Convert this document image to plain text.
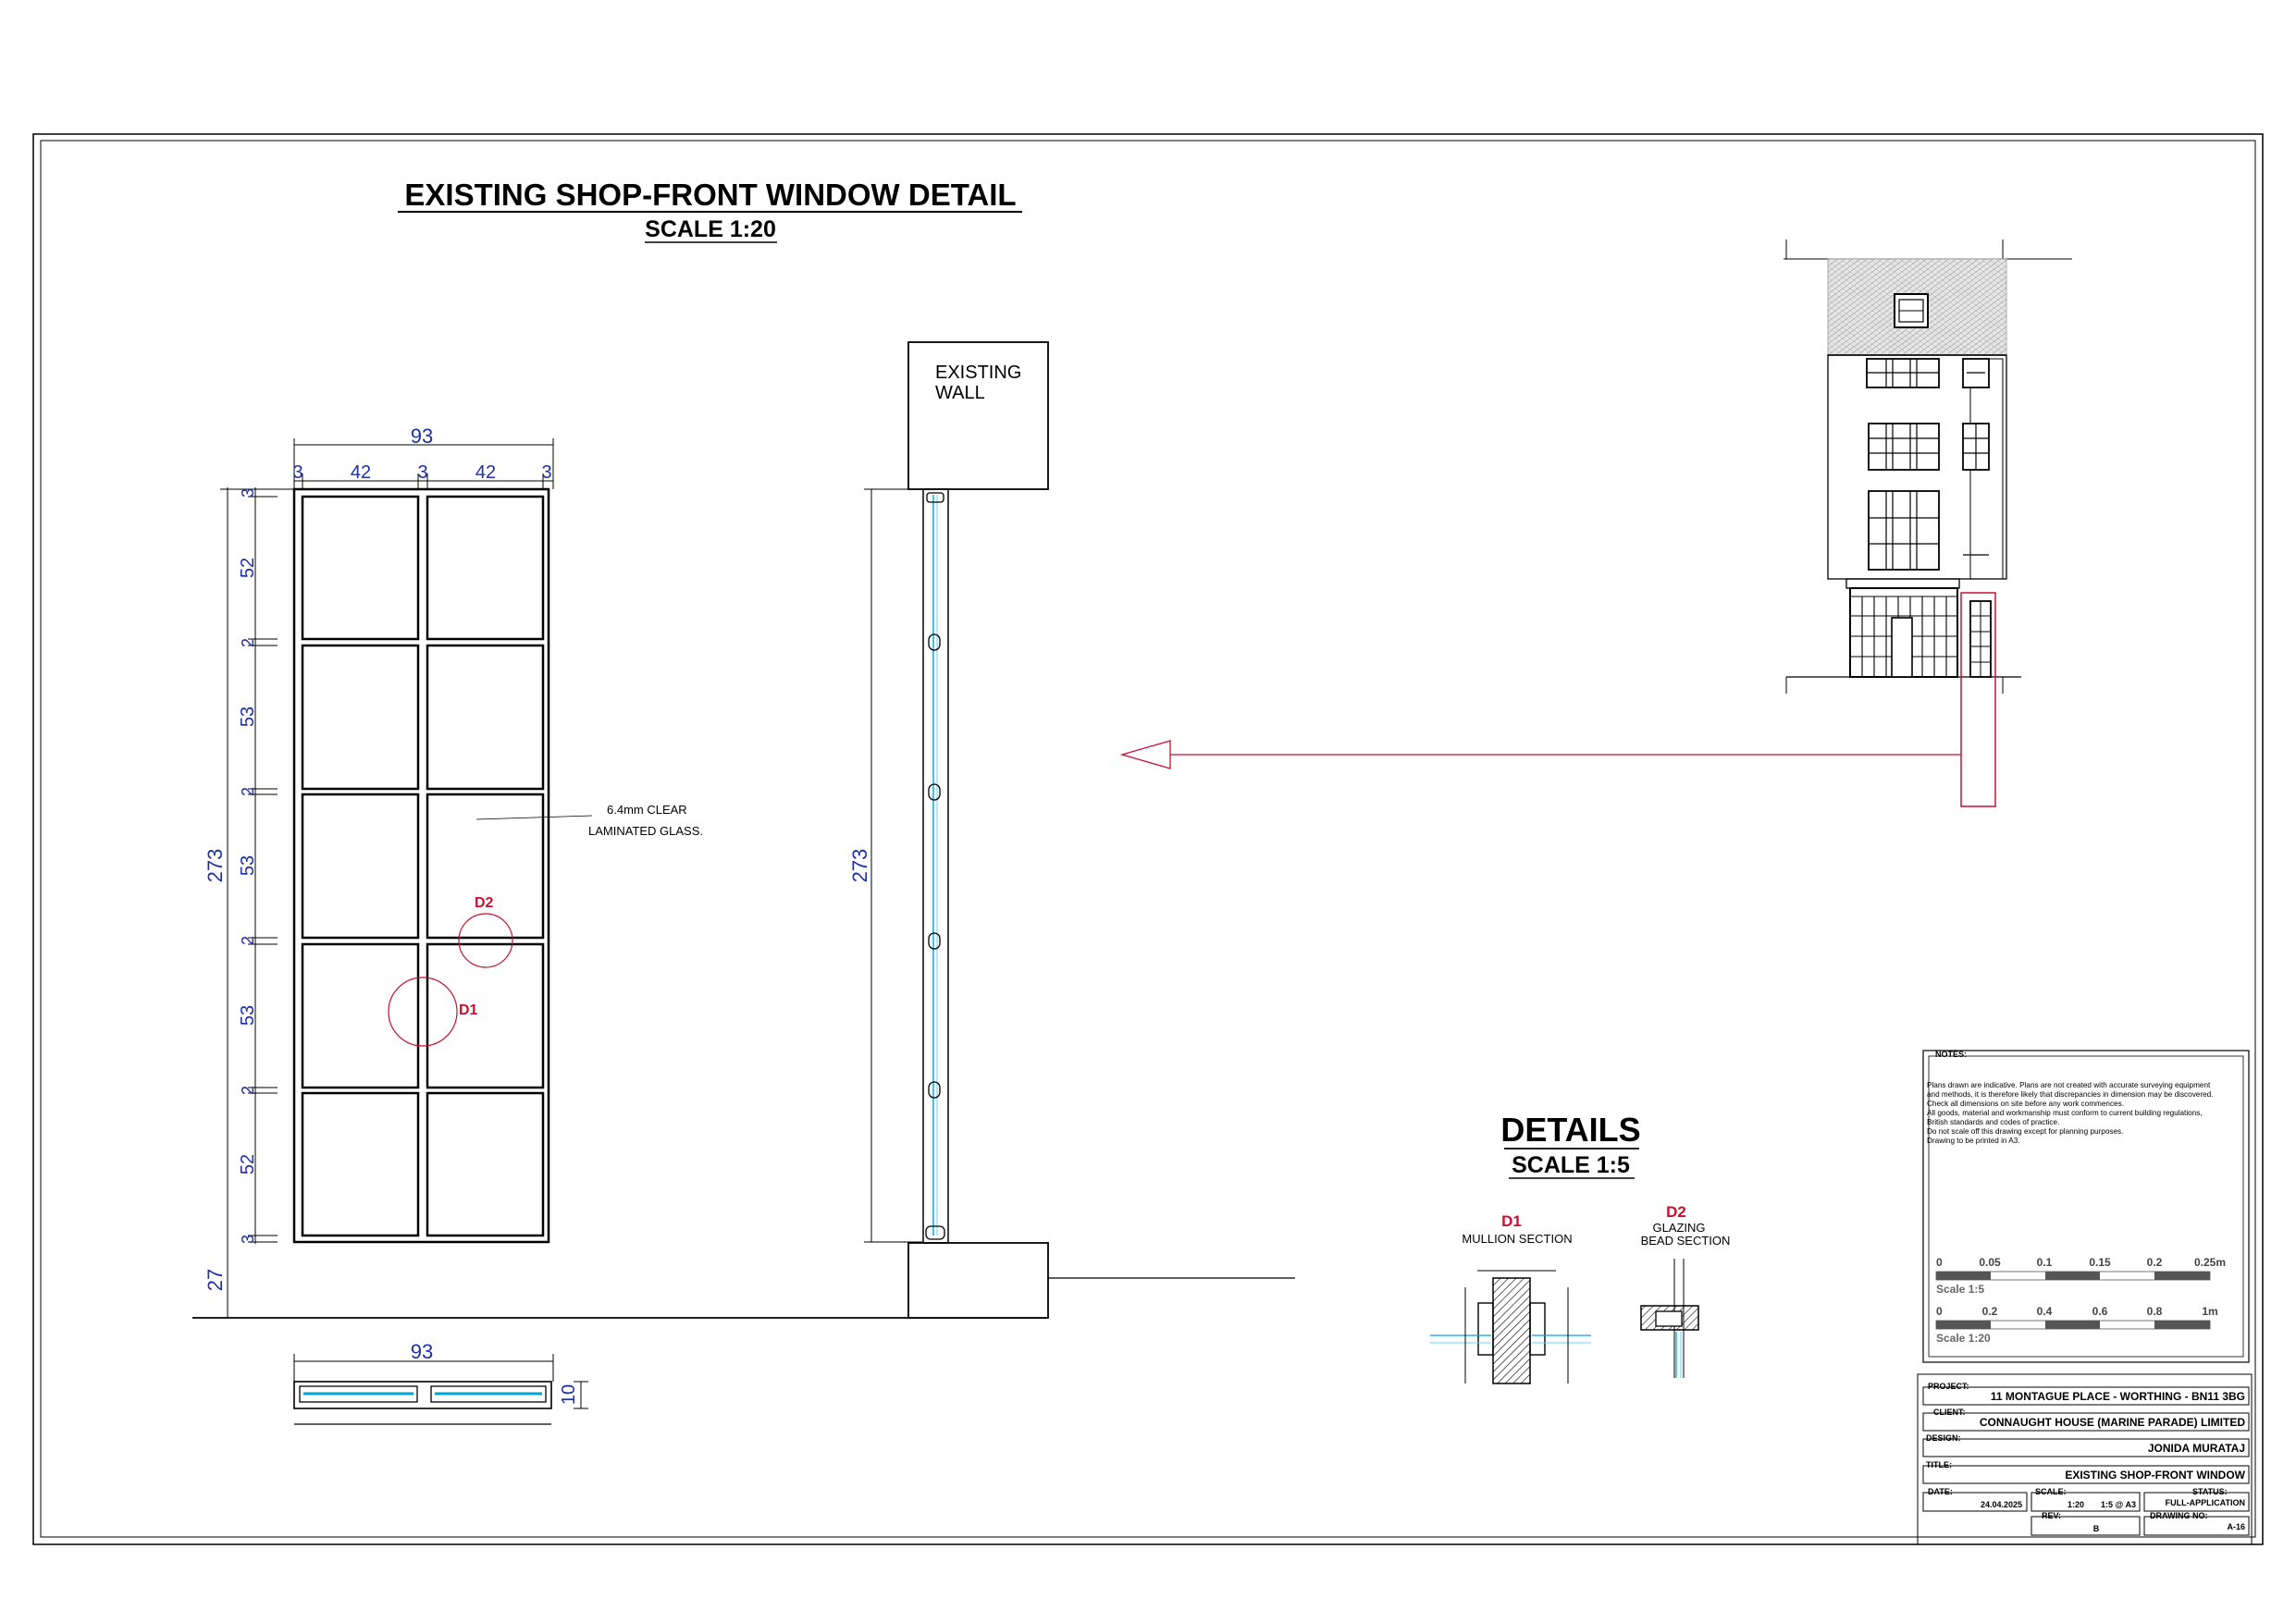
EXISTING SHOP-FRONT WINDOW DETAIL
SCALE 1:20
93
3	42	3	42 3
273
3
52
2
53
2
53
2
53
2
52
3
27
6.4mm CLEAR
LAMINATED GLASS.
D2
D1
EXISTING
WALL
273
93
10
DETAILS
SCALE 1:5
D1
MULLION SECTION
D2
GLAZING
BEAD SECTION
NOTES:
Plans drawn are indicative. Plans are not created with accurate surveying equipment
and methods, it is therefore likely that discrepancies in dimension may be discovered.
Check all dimensions on site before any work commences.
All goods, material and workmanship must conform to current building regulations,
British standards and codes of practice.
Do not scale off this drawing except for planning purposes.
Drawing to be printed in A3.
0	0.05	0.1	0.15	0.2	0.25m
Scale 1:5
0	0.2	0.4	0.6	0.8	1m
Scale 1:20
PROJECT:
11 MONTAGUE PLACE - WORTHING - BN11 3BG
CLIENT:
CONNAUGHT HOUSE (MARINE PARADE) LIMITED
DESIGN:
JONIDA MURATAJ
TITLE:
EXISTING SHOP-FRONT WINDOW
DATE:
24.04.2025
SCALE:
1:20 1:5 @ A3
STATUS:
FULL-APPLICATION
REV:
B
DRAWING NO:
A-16
